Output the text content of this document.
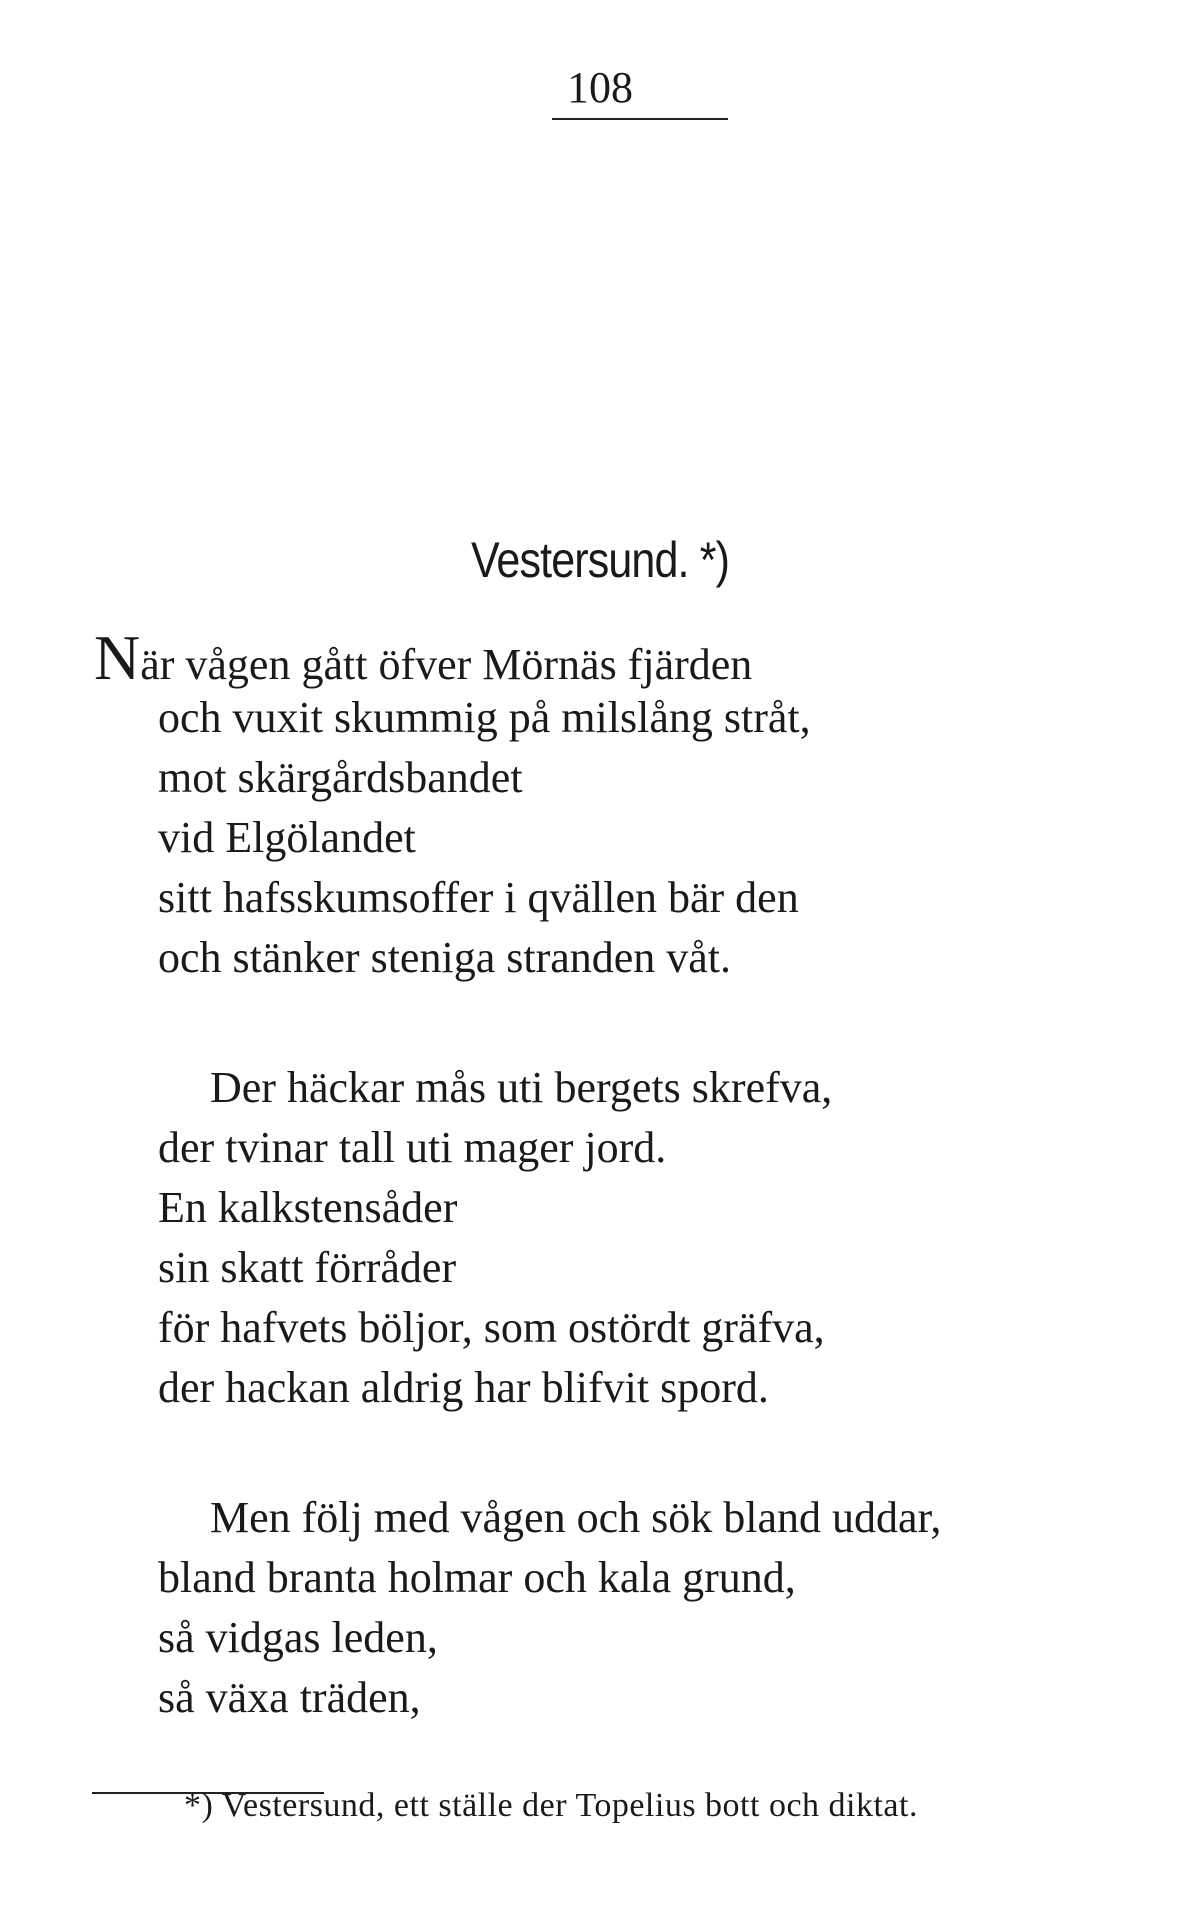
108
Vestersund. *)
När vågen gått öfver Mörnäs fjärden
och vuxit skummig på milslång stråt,
mot skärgårdsbandet
vid Elgölandet
sitt hafsskumsoffer i qvällen bär den
och stänker steniga stranden våt.
Der häckar mås uti bergets skrefva,
der tvinar tall uti mager jord.
En kalkstensåder
sin skatt förråder
för hafvets böljor, som ostördt gräfva,
der hackan aldrig har blifvit spord.
Men följ med vågen och sök bland uddar,
bland branta holmar och kala grund,
så vidgas leden,
så växa träden,
*) Vestersund, ett ställe der Topelius bott och diktat.
